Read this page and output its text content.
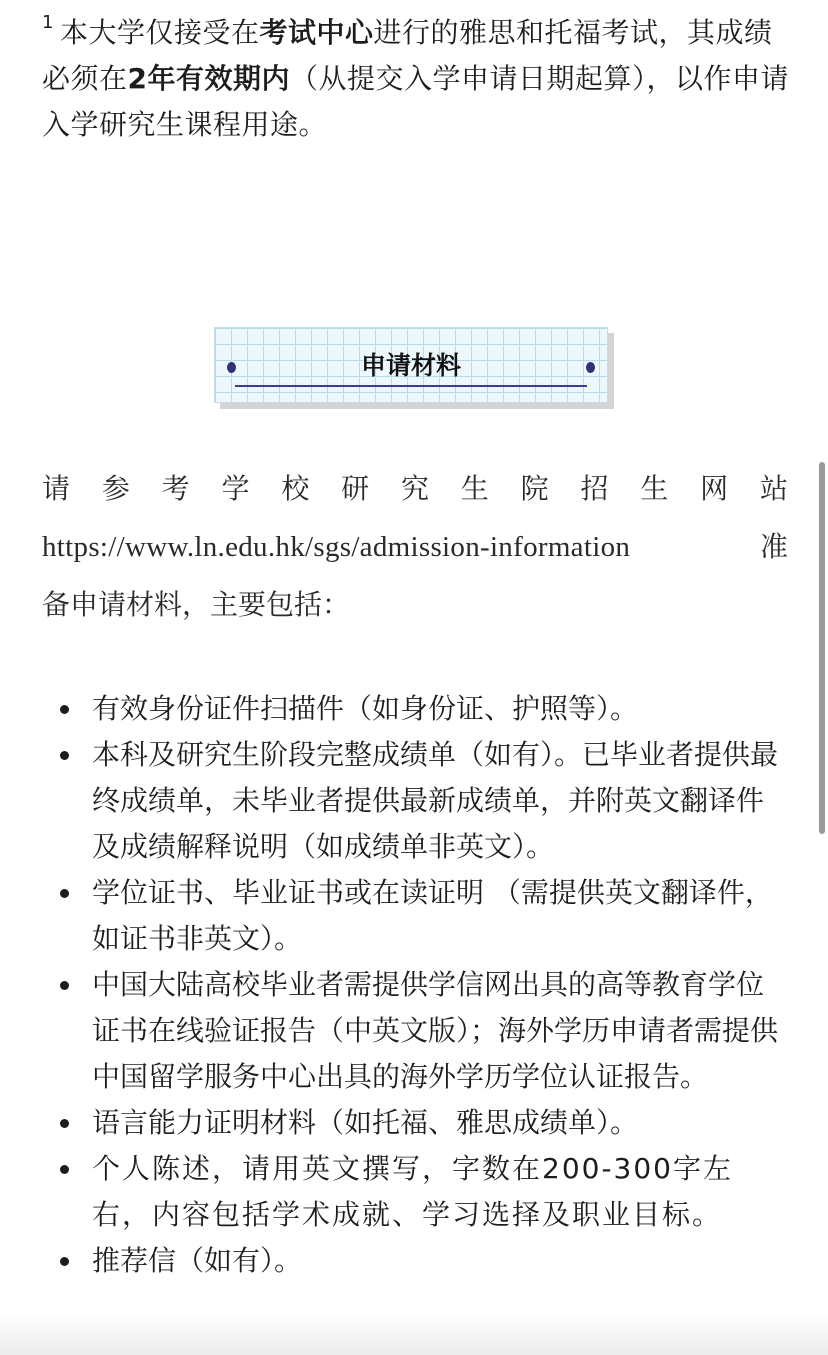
$^1$ 本大学仅接受在考试中心进行的雅思和托福考试，其成绩必须在2年有效期内（从提交入学申请日期起算），以作申请入学研究生课程用途。
申请材料
请 参 考 学 校 研 究 生 院 招 生 网 站
https://www.ln.edu.hk/sgs/admission-information	准
备申请材料，主要包括：
有效身份证件扫描件（如身份证、护照等）。
本科及研究生阶段完整成绩单（如有）。已毕业者提供最终成绩单，未毕业者提供最新成绩单，并附英文翻译件及成绩解释说明（如成绩单非英文）。
学位证书、毕业证书或在读证明 （需提供英文翻译件，如证书非英文）。
中国大陆高校毕业者需提供学信网出具的高等教育学位证书在线验证报告（中英文版）；海外学历申请者需提供中国留学服务中心出具的海外学历学位认证报告。
语言能力证明材料（如托福、雅思成绩单）。
个人陈述，请用英文撰写，字数在200-300字左右，内容包括学术成就、学习选择及职业目标。
推荐信（如有）。
